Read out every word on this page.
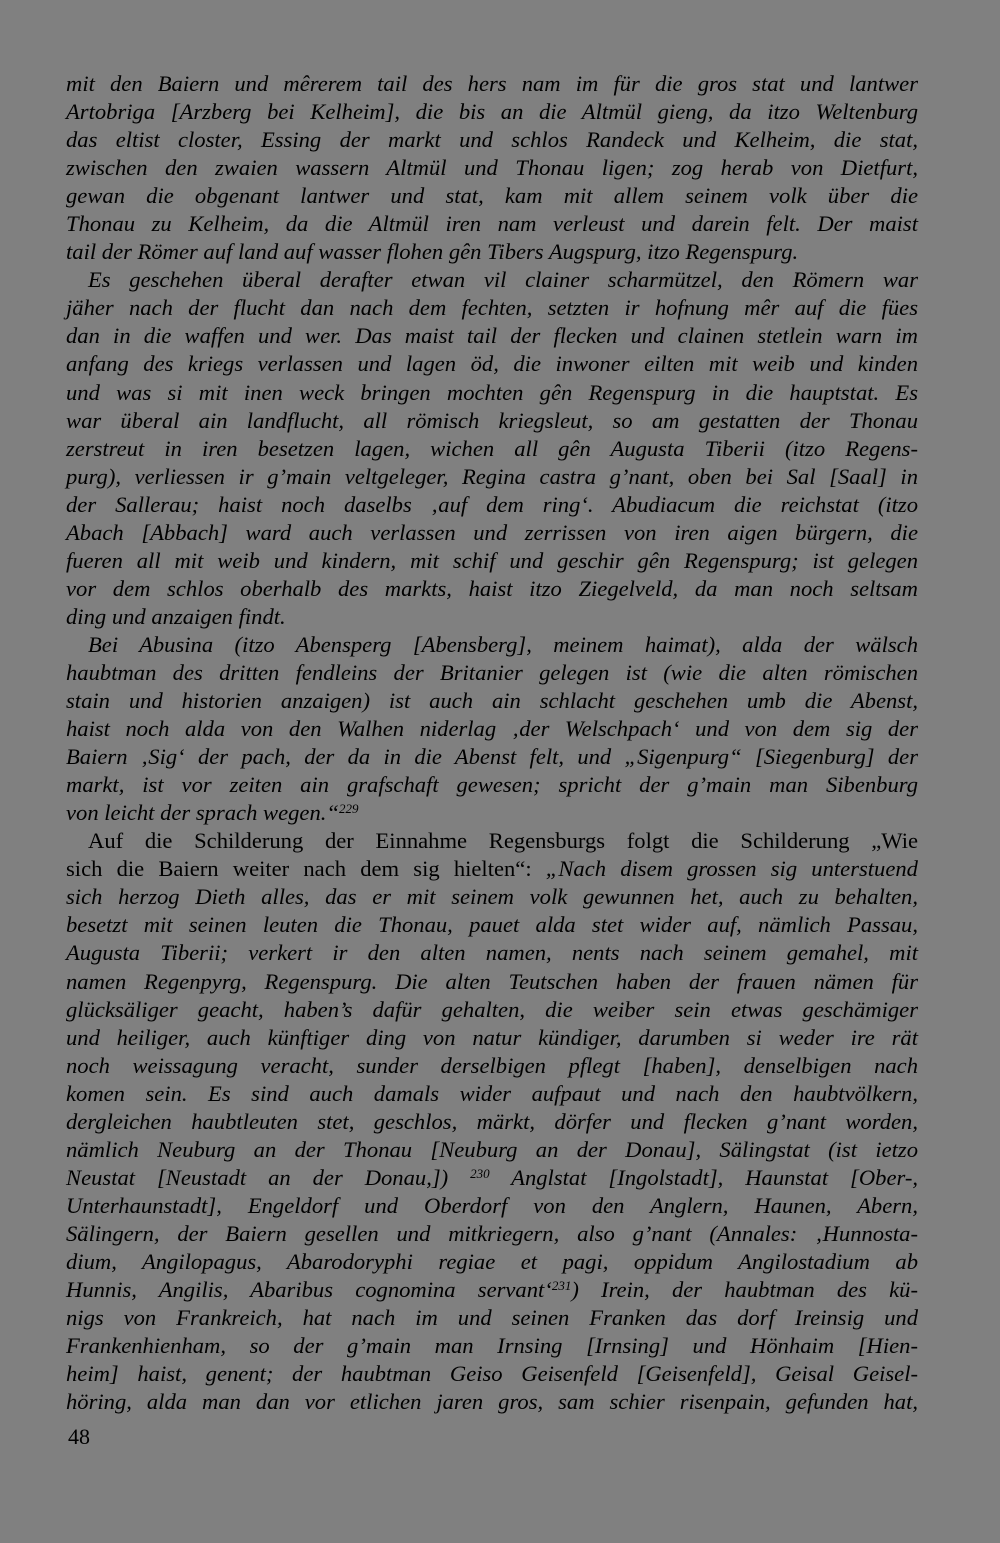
mit den Baiern und mêrerem tail des hers nam im für die gros stat und lantwer
Artobriga [Arzberg bei Kelheim], die bis an die Altmül gieng, da itzo Weltenburg
das eltist closter, Essing der markt und schlos Randeck und Kelheim, die stat,
zwischen den zwaien wassern Altmül und Thonau ligen; zog herab von Dietfurt,
gewan die obgenant lantwer und stat, kam mit allem seinem volk über die
Thonau zu Kelheim, da die Altmül iren nam verleust und darein felt. Der maist
tail der Römer auf land auf wasser flohen gên Tibers Augspurg, itzo Regenspurg.
Es geschehen überal derafter etwan vil clainer scharmützel, den Römern war
jäher nach der flucht dan nach dem fechten, setzten ir hofnung mêr auf die fües
dan in die waffen und wer. Das maist tail der flecken und clainen stetlein warn im
anfang des kriegs verlassen und lagen öd, die inwoner eilten mit weib und kinden
und was si mit inen weck bringen mochten gên Regenspurg in die hauptstat. Es
war überal ain landflucht, all römisch kriegsleut, so am gestatten der Thonau
zerstreut in iren besetzen lagen, wichen all gên Augusta Tiberii (itzo Regens-
purg), verliessen ir g’main veltgeleger, Regina castra g’nant, oben bei Sal [Saal] in
der Sallerau; haist noch daselbs ‚auf dem ring‘. Abudiacum die reichstat (itzo
Abach [Abbach] ward auch verlassen und zerrissen von iren aigen bürgern, die
fueren all mit weib und kindern, mit schif und geschir gên Regenspurg; ist gelegen
vor dem schlos oberhalb des markts, haist itzo Ziegelveld, da man noch seltsam
ding und anzaigen findt.
Bei Abusina (itzo Abensperg [Abensberg], meinem haimat), alda der wälsch
haubtman des dritten fendleins der Britanier gelegen ist (wie die alten römischen
stain und historien anzaigen) ist auch ain schlacht geschehen umb die Abenst,
haist noch alda von den Walhen niderlag ‚der Welschpach‘ und von dem sig der
Baiern ‚Sig‘ der pach, der da in die Abenst felt, und „Sigenpurg“ [Siegenburg] der
markt, ist vor zeiten ain grafschaft gewesen; spricht der g’main man Sibenburg
von leicht der sprach wegen.“$^{229}$
Auf die Schilderung der Einnahme Regensburgs folgt die Schilderung „Wie
sich die Baiern weiter nach dem sig hielten“: „Nach disem grossen sig unterstuend
sich herzog Dieth alles, das er mit seinem volk gewunnen het, auch zu behalten,
besetzt mit seinen leuten die Thonau, pauet alda stet wider auf, nämlich Passau,
Augusta Tiberii; verkert ir den alten namen, nents nach seinem gemahel, mit
namen Regenpyrg, Regenspurg. Die alten Teutschen haben der frauen nämen für
glücksäliger geacht, haben’s dafür gehalten, die weiber sein etwas geschämiger
und heiliger, auch künftiger ding von natur kündiger, darumben si weder ire rät
noch weissagung veracht, sunder derselbigen pflegt [haben], denselbigen nach
komen sein. Es sind auch damals wider aufpaut und nach den haubtvölkern,
dergleichen haubtleuten stet, geschlos, märkt, dörfer und flecken g’nant worden,
nämlich Neuburg an der Thonau [Neuburg an der Donau], Sälingstat (ist ietzo
Neustat [Neustadt an der Donau,]) $^{230}$ Anglstat [Ingolstadt], Haunstat [Ober-,
Unterhaunstadt], Engeldorf und Oberdorf von den Anglern, Haunen, Abern,
Sälingern, der Baiern gesellen und mitkriegern, also g’nant (Annales: ‚Hunnosta-
dium, Angilopagus, Abarodoryphi regiae et pagi, oppidum Angilostadium ab
Hunnis, Angilis, Abaribus cognomina servant‘$^{231}$) Irein, der haubtman des kü-
nigs von Frankreich, hat nach im und seinen Franken das dorf Ireinsig und
Frankenhienham, so der g’main man Irnsing [Irnsing] und Hönhaim [Hien-
heim] haist, genent; der haubtman Geiso Geisenfeld [Geisenfeld], Geisal Geisel-
höring, alda man dan vor etlichen jaren gros, sam schier risenpain, gefunden hat,
48
